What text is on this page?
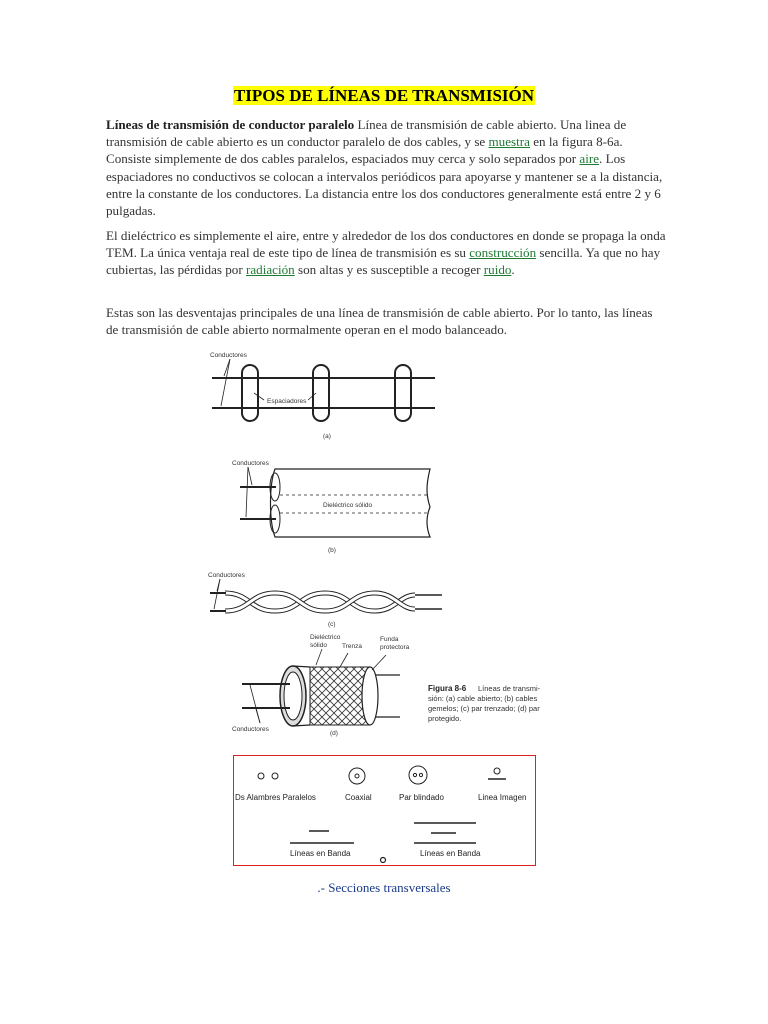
TIPOS DE LÍNEAS DE TRANSMISIÓN
Líneas de transmisión de conductor paralelo Línea de transmisión de cable abierto. Una linea de transmisión de cable abierto es un conductor paralelo de dos cables, y se muestra en la figura 8-6a. Consiste simplemente de dos cables paralelos, espaciados muy cerca y solo separados por aire. Los espaciadores no conductivos se colocan a intervalos periódicos para apoyarse y mantener se a la distancia, entre la constante de los conductores. La distancia entre los dos conductores generalmente está entre 2 y 6 pulgadas.
El dieléctrico es simplemente el aire, entre y alrededor de los dos conductores en donde se propaga la onda TEM. La única ventaja real de este tipo de línea de transmisión es su construcción sencilla. Ya que no hay cubiertas, las pérdidas por radiación son altas y es susceptible a recoger ruido.
Estas son las desventajas principales de una línea de transmisión de cable abierto. Por lo tanto, las líneas de transmisión de cable abierto normalmente operan en el modo balanceado.
Conductores
Espaciadores
(a)
Conductores
Dieléctrico sólido
(b)
Conductores
(c)
Dieléctrico
sólido Trenza
Funda
protectora
Conductores
(d)
Figura 8-6 Líneas de transmi-
sión: (a) cable abierto; (b) cables
gemelos; (c) par trenzado; (d) par
protegido.
Ds Alambres Paralelos	Coaxial	Par blindado	Linea Imagen
Líneas en Banda	Líneas en Banda
.- Secciones transversales
